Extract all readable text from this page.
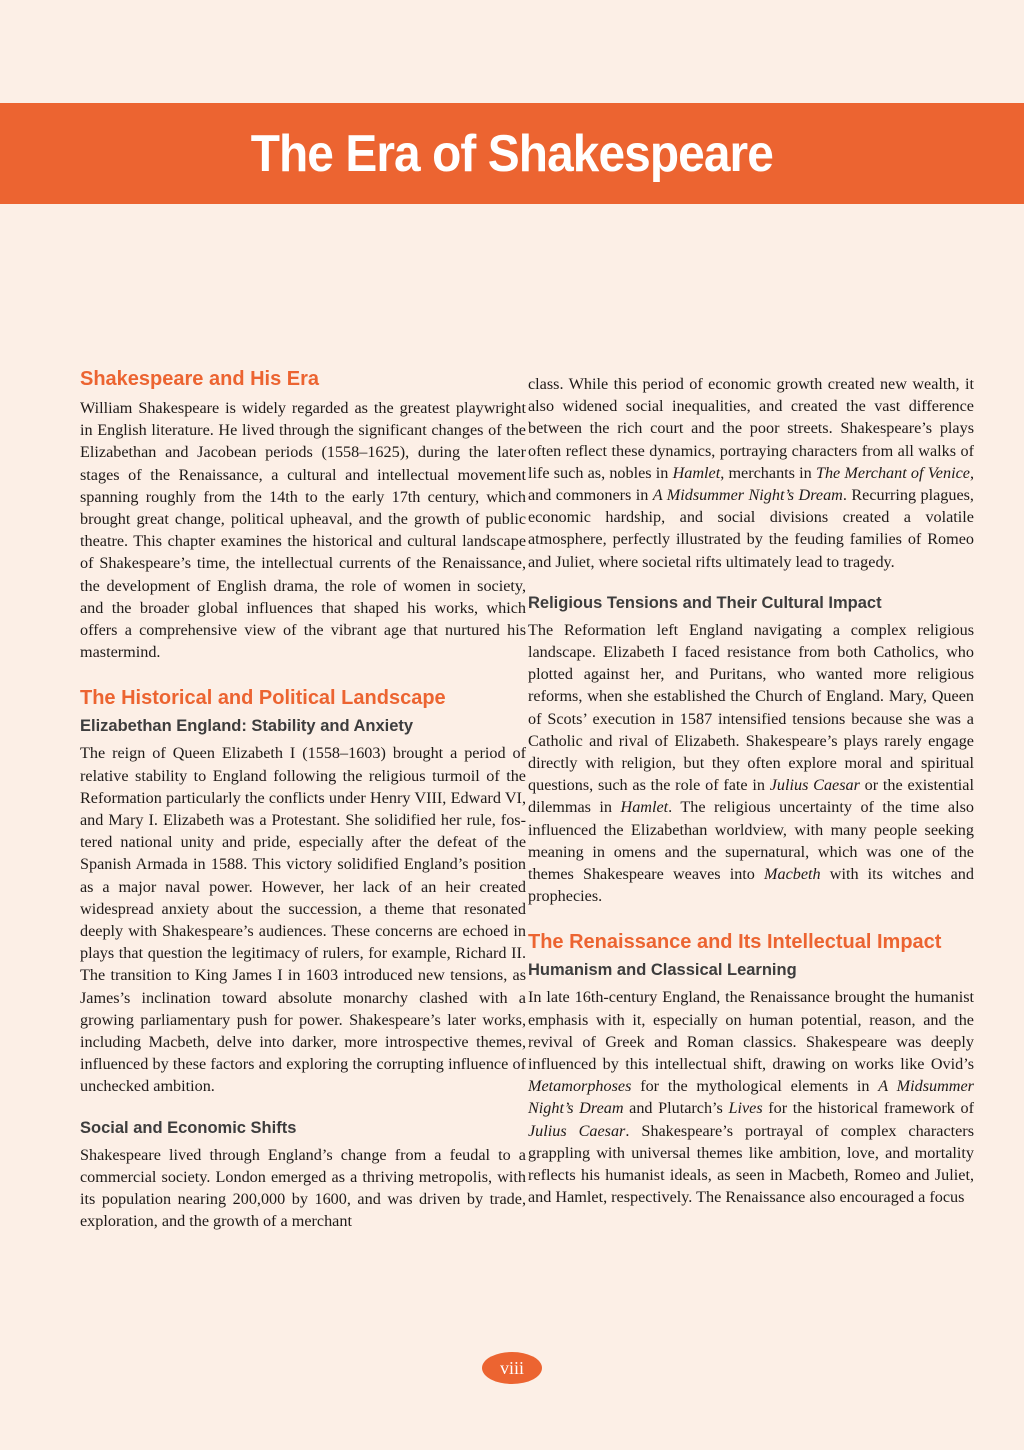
The Era of Shakespeare
Shakespeare and His Era

William Shakespeare is widely regarded as the greatest playwright in English literature. He lived through the significant changes of the Elizabethan and Jacobean periods (1558–1625), during the later stages of the Renaissance, a cultural and intellectual movement spanning roughly from the 14th to the early 17th century, which brought great change, political upheaval, and the growth of public theatre. This chapter examines the historical and cultural landscape of Shakespeare’s time, the intellectual currents of the Renaissance, the development of English drama, the role of women in society, and the broader global influences that shaped his works, which offers a comprehensive view of the vibrant age that nurtured his mastermind.

The Historical and Political Landscape
Elizabethan England: Stability and Anxiety

The reign of Queen Elizabeth I (1558–1603) brought a period of relative stability to England following the religious turmoil of the Reformation particularly the conflicts under Henry VIII, Edward VI, and Mary I. Elizabeth was a Protestant. She solidified her rule, fostered national unity and pride, especially after the defeat of the Spanish Armada in 1588. This victory solidified England’s position as a major naval power. However, her lack of an heir created widespread anxiety about the succession, a theme that resonated deeply with Shakespeare’s audiences. These concerns are echoed in plays that question the legitimacy of rulers, for example, Richard II. The transition to King James I in 1603 introduced new tensions, as James’s inclination toward absolute monarchy clashed with a growing parliamentary push for power. Shakespeare’s later works, including Macbeth, delve into darker, more introspective themes, influenced by these factors and exploring the corrupting influence of unchecked ambition.

Social and Economic Shifts

Shakespeare lived through England’s change from a feudal to a commercial society. London emerged as a thriving metropolis, with its population nearing 200,000 by 1600, and was driven by trade, exploration, and the growth of a merchant

class. While this period of economic growth created new wealth, it also widened social inequalities, and created the vast difference between the rich court and the poor streets. Shakespeare’s plays often reflect these dynamics, portraying characters from all walks of life such as, nobles in Hamlet, merchants in The Merchant of Venice, and commoners in A Midsummer Night’s Dream. Recurring plagues, economic hardship, and social divisions created a volatile atmosphere, perfectly illustrated by the feuding families of Romeo and Juliet, where societal rifts ultimately lead to tragedy.

Religious Tensions and Their Cultural Impact

The Reformation left England navigating a complex religious landscape. Elizabeth I faced resistance from both Catholics, who plotted against her, and Puritans, who wanted more religious reforms, when she established the Church of England. Mary, Queen of Scots’ execution in 1587 intensified tensions because she was a Catholic and rival of Elizabeth. Shakespeare’s plays rarely engage directly with religion, but they often explore moral and spiritual questions, such as the role of fate in Julius Caesar or the existential dilemmas in Hamlet. The religious uncertainty of the time also influenced the Elizabethan worldview, with many people seeking meaning in omens and the supernatural, which was one of the themes Shakespeare weaves into Macbeth with its witches and prophecies.

The Renaissance and Its Intellectual Impact
Humanism and Classical Learning

In late 16th-century England, the Renaissance brought the humanist emphasis with it, especially on human potential, reason, and the revival of Greek and Roman classics. Shakespeare was deeply influenced by this intellectual shift, drawing on works like Ovid’s Metamorphoses for the mythological elements in A Midsummer Night’s Dream and Plutarch’s Lives for the historical framework of Julius Caesar. Shakespeare’s portrayal of complex characters grappling with universal themes like ambition, love, and mortality reflects his humanist ideals, as seen in Macbeth, Romeo and Juliet, and Hamlet, respectively. The Renaissance also encouraged a focus

viii
